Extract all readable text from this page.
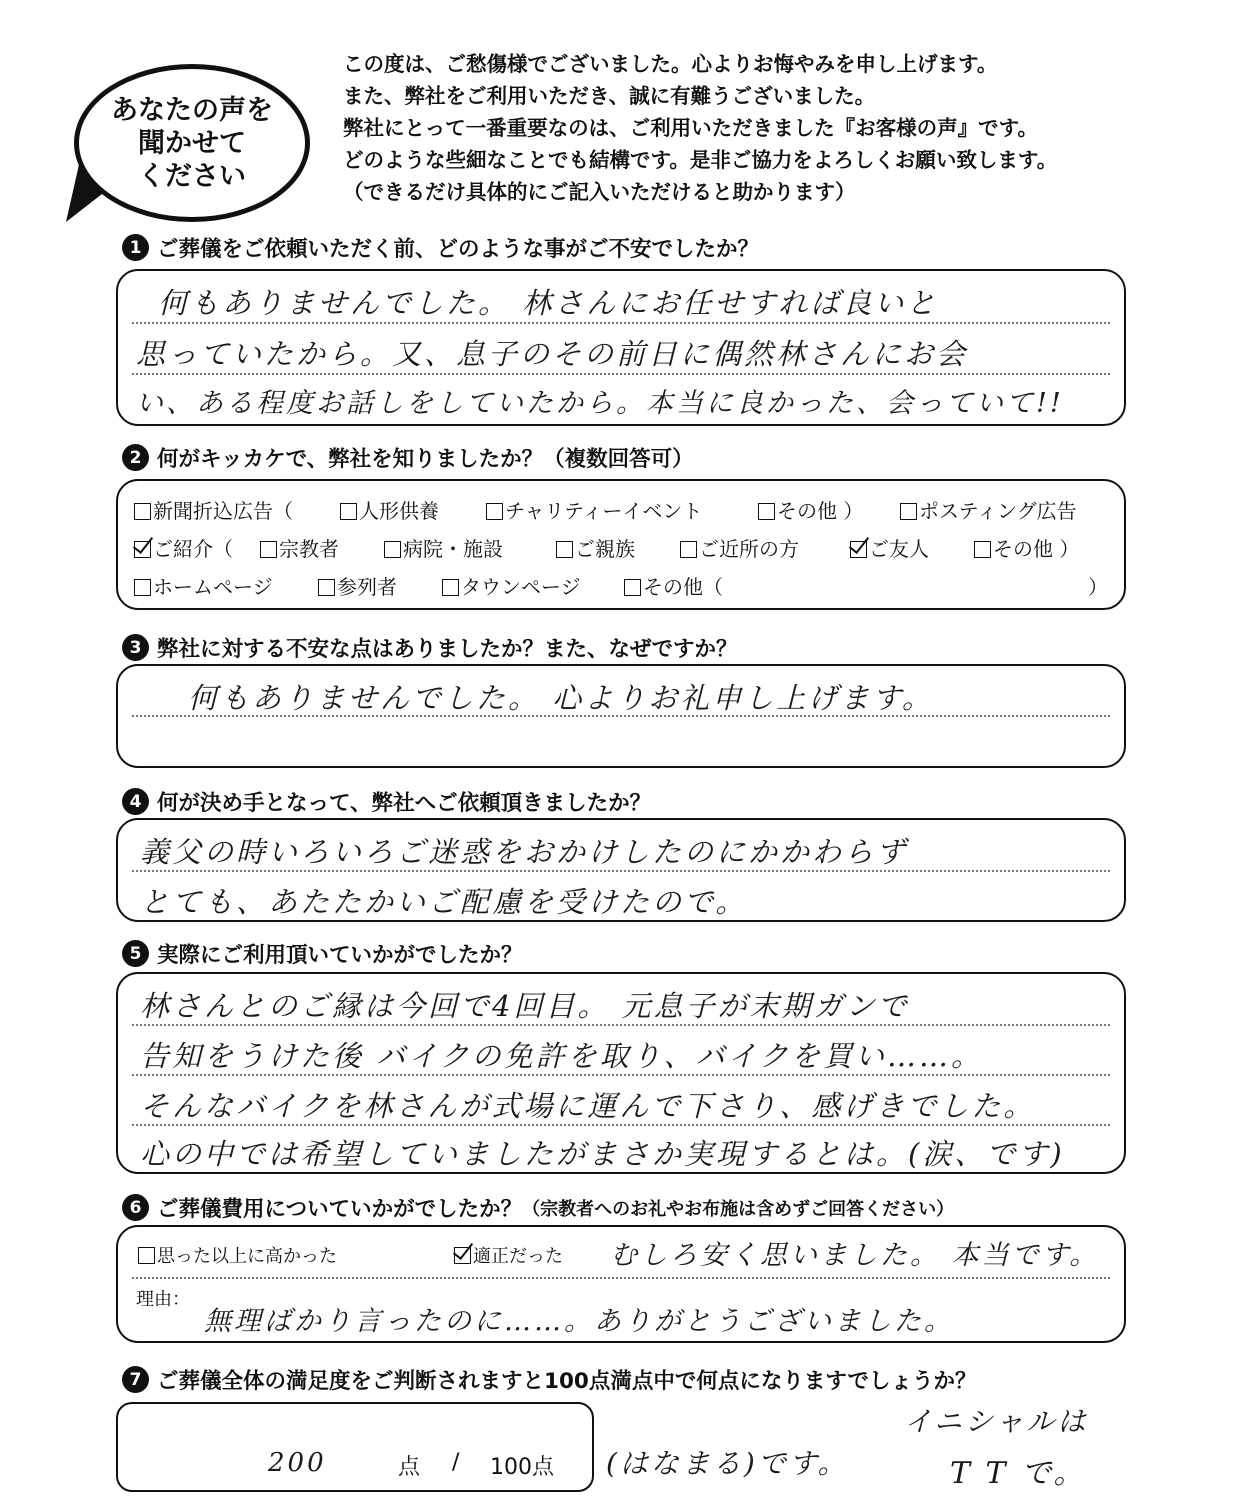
あなたの声を
聞かせて
ください
この度は、ご愁傷様でございました。心よりお悔やみを申し上げます。
また、弊社をご利用いただき、誠に有難うございました。
弊社にとって一番重要なのは、ご利用いただきました『お客様の声』です。
どのような些細なことでも結構です。是非ご協力をよろしくお願い致します。
（できるだけ具体的にご記入いただけると助かります）
1 ご葬儀をご依頼いただく前、どのような事がご不安でしたか？
何もありませんでした。 林さんにお任せすれば良いと
思っていたから。又、息子のその前日に偶然林さんにお会
い、ある程度お話しをしていたから。本当に良かった、会っていて!!
2 何がキッカケで、弊社を知りましたか？（複数回答可）
新聞折込広告（	人形供養	チャリティーイベント	その他 ）	ポスティング広告
ご紹介（	宗教者	病院・施設	ご親族	ご近所の方	ご友人	その他 ）
ホームページ	参列者	タウンページ	その他（	）
3 弊社に対する不安な点はありましたか？また、なぜですか？
何もありませんでした。 心よりお礼申し上げます。
4 何が決め手となって、弊社へご依頼頂きましたか？
義父の時いろいろご迷惑をおかけしたのにかかわらず
とても、あたたかいご配慮を受けたので。
5 実際にご利用頂いていかがでしたか？
林さんとのご縁は今回で4回目。 元息子が末期ガンで
告知をうけた後 バイクの免許を取り、バイクを買い……。
そんなバイクを林さんが式場に運んで下さり、感げきでした。
心の中では希望していましたがまさか実現するとは。(涙、です)
6 ご葬儀費用についていかがでしたか？ （宗教者へのお礼やお布施は含めずご回答ください）
思った以上に高かった	適正だった むしろ安く思いました。 本当です。
理由：
無理ばかり言ったのに……。ありがとうございました。
7 ご葬儀全体の満足度をご判断されますと100点満点中で何点になりますでしょうか？
200	点 / 100点 (はなまる)です。
イニシャルは
T T で。
